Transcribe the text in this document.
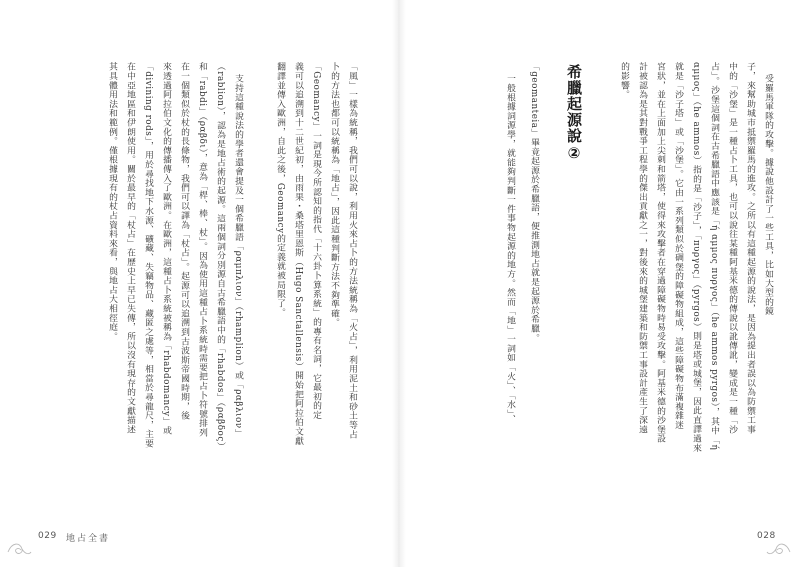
「風」一樣為統稱，我們可以說，利用火來占卜的方法統稱為「火占」，利用泥土和砂土等占
卜的方法也都可以統稱為「地占」，因此這種判斷方法不夠準確。
「Geomancy」一詞是現今所認知的指代「十六卦卜算系統」的專有名詞，它最初的定
義可以追溯到十二世紀初，由雨果・桑塔里恩斯（Hugo Sanctallensis）開始把阿拉伯文獻
翻譯並傳入歐洲，自此之後，Geomancy的定義就被局限了。
支持這種說法的學者還會提及一個希臘語「ραμπλιον」（rhamplion）或「ραβλιον」
（rablion），認為是地占術的起源。這兩個詞分別源自古希臘語中的「rhabdos」（ραβδος）
和「rabdi」（ραβδι），意為「桿、棒、杖」。因為使用這種占卜系統時需要把占卜符號排列
在一個類似於杖的長條物，我們可以譯為「杖占」。起源可以追溯到古波斯帝國時期，後
來透過阿拉伯文化的傳播傳入了歐洲。在歐洲，這種占卜系統被稱為「rhabdomancy」或
「divining rods」，用於尋找地下水源、礦藏、失竊物品、藏匿之處等，相當於尋龍尺，主要
在中亞地區和伊朗使用。關於最早的「杖占」在歷史上早已失傳，所以沒有現存的文獻描述
其具體用法和範例。僅根據現有的杖占資料來看，與地占大相徑庭。
029 地占全書
受羅馬軍隊的攻擊。據說他設計了一些工具，比如大型的鏡
子，來幫助城市抵禦羅馬的進攻。之所以有這種起源的說法，是因為提出者誤以為防禦工事
中的「沙堡」是一種占卜工具，也可以說往某種阿基米德的傳說以訛傳訛，變成是一種「沙
占」。沙堡這個詞在古希臘語中應該是「ή αμμος πυργος」（he ammos pyrgos），其中「ή
αμμος」（he ammos）指的是「沙子」，「πυργος」（pyrgos）則是塔或城堡，因此直譯過來
就是「沙子塔」或「沙堡」。它由一系列類似於碉堡的障礙物組成，這些障礙物布滿複雜迷
宮狀，並在上面加上尖刺和箭塔，使得來攻擊者在穿過障礙物時易受攻擊。阿基米德的沙堡設
計被認為是其對戰爭工程學的傑出貢獻之一，對後來的城堡建築和防禦工事設計產生了深遠
的影響。
希臘起源說②
「geomanteia」畢竟起源於希臘語，便推測地占就是起源於希臘。
一般根據詞源學，就能夠判斷一件事物起源的地方。然而「地」一詞如「火」、「水」、
028
